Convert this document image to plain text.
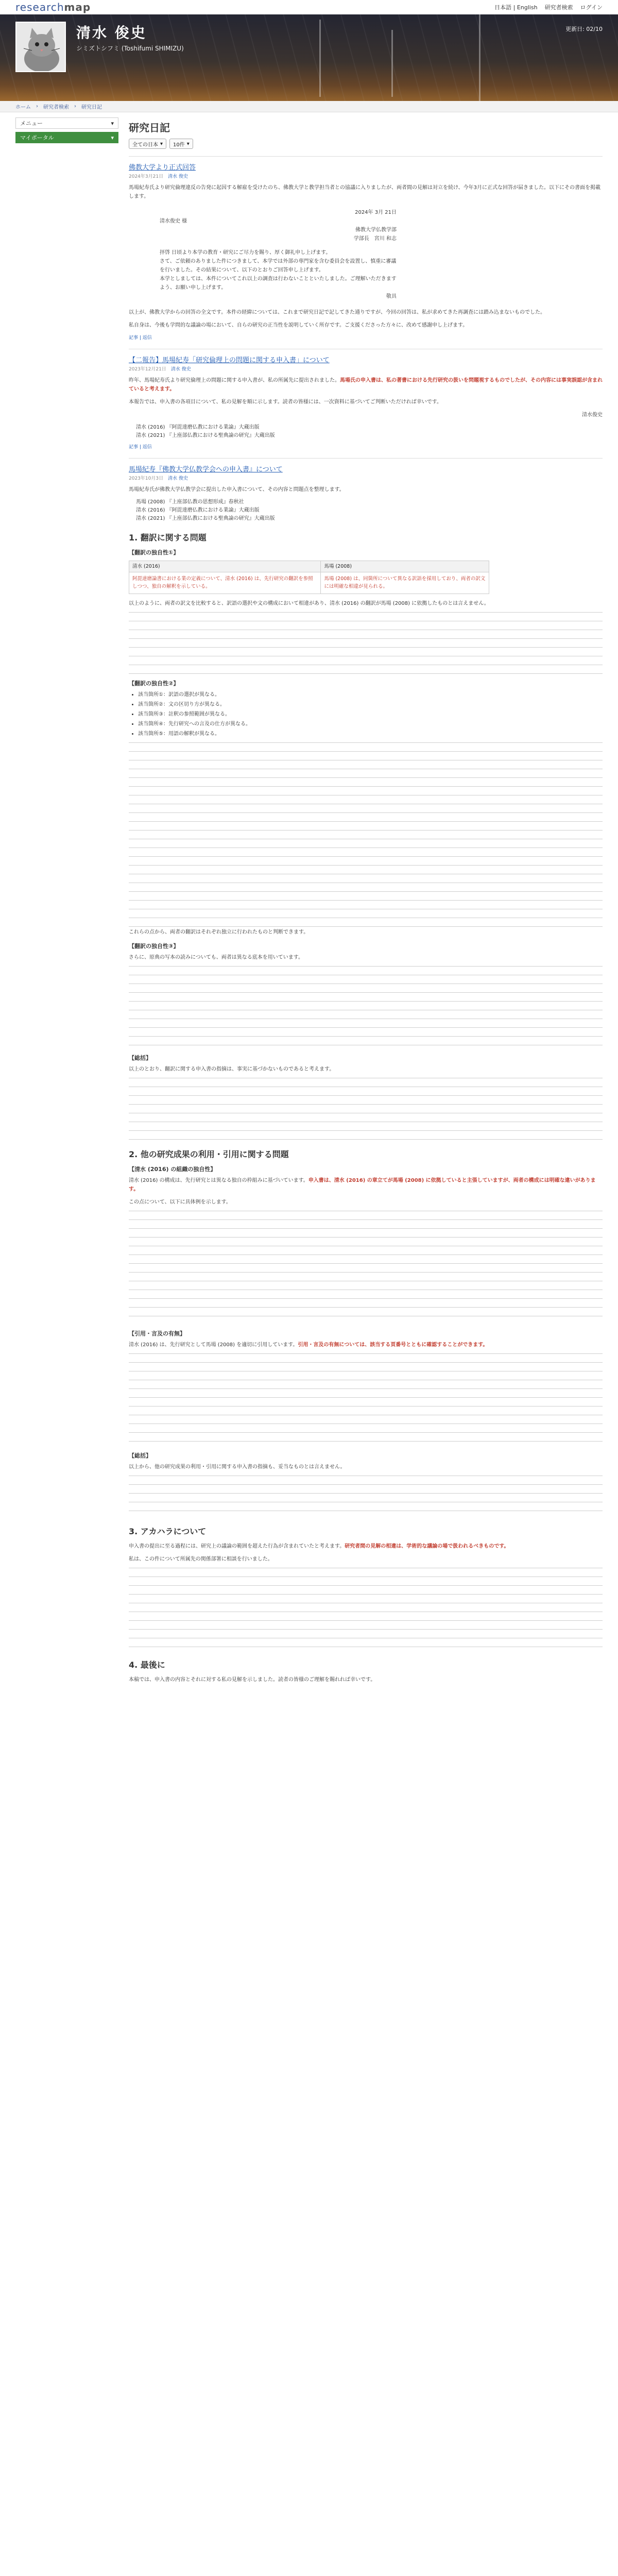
researchmap	日本語 | English 研究者検索 ログイン
清水 俊史
シミズトシフミ (Toshifumi SHIMIZU)
更新日: 02/10
ホーム › 研究者検索 › 研究日記
メニュー	▾
マイポータル	▾
研究日記
全ての日本 ▾ 10件 ▾
佛教大学より正式回答
2024年3月21日　 清水 俊史

馬場紀寿氏より研究倫理違反の告発に起因する解雇を受けたのち、佛教大学と教学担当者との協議に入りましたが、両者間の見解は対立を続け、今年3月に正式な回答が届きました。以下にその書面を掲載します。

2024年 3月 21日

清水俊史 様

佛教大学仏教学部

学部長　宮川 和志

拝啓 日頃より本学の教育・研究にご尽力を賜り、厚く御礼申し上げます。

さて、ご依頼のありました件につきまして、本学では外部の専門家を含む委員会を設置し、慎重に審議を行いました。その結果について、以下のとおりご回答申し上げます。

本学としましては、本件についてこれ以上の調査は行わないことといたしました。ご理解いただきますよう、お願い申し上げます。

敬具

以上が、佛教大学からの回答の全文です。本件の経緯については、これまで研究日記で記してきた通りですが、今回の回答は、私が求めてきた再調査には踏み込まないものでした。

私自身は、今後も学問的な議論の場において、自らの研究の正当性を説明していく所存です。ご支援くださった方々に、改めて感謝申し上げます。

記事 | 返信
【二報告】馬場紀寿「研究倫理上の問題に関する申入書」について
2023年12月21日　 清水 俊史

昨年、馬場紀寿氏より研究倫理上の問題に関する申入書が、私の所属先に提出されました。馬場氏の申入書は、私の著書における先行研究の扱いを問題視するものでしたが、その内容には事実誤認が含まれていると考えます。

本報告では、申入書の各項目について、私の見解を順に示します。読者の皆様には、一次資料に基づいてご判断いただければ幸いです。

清水俊史

清水 (2016) 『阿毘達磨仏教における業論』大蔵出版
清水 (2021) 『上座部仏教における聖典論の研究』大蔵出版
記事 | 返信
馬場紀寿『佛教大学仏教学会への申入書』について
2023年10月3日　 清水 俊史

馬場紀寿氏が佛教大学仏教学会に提出した申入書について、その内容と問題点を整理します。

馬場 (2008) 『上座部仏教の思想形成』春秋社
清水 (2016) 『阿毘達磨仏教における業論』大蔵出版
清水 (2021) 『上座部仏教における聖典論の研究』大蔵出版
1. 翻訳に関する問題
【翻訳の独自性①】
清水 (2016)	馬場 (2008)
阿毘達磨論書における業の定義について、清水 (2016) は、先行研究の翻訳を参照しつつ、独自の解釈を示している。	馬場 (2008) は、同箇所について異なる訳語を採用しており、両者の訳文には明確な相違が見られる。

以上のように、両者の訳文を比較すると、訳語の選択や文の構成において相違があり、清水 (2016) の翻訳が馬場 (2008) に依拠したものとは言えません。

【翻訳の独自性②】
• 該当箇所①：訳語の選択が異なる。
• 該当箇所②：文の区切り方が異なる。
• 該当箇所③：註釈の参照範囲が異なる。
• 該当箇所④：先行研究への言及の仕方が異なる。
• 該当箇所⑤：用語の解釈が異なる。

これらの点から、両者の翻訳はそれぞれ独立に行われたものと判断できます。

【翻訳の独自性③】

さらに、原典の写本の読みについても、両者は異なる底本を用いています。

【総括】

以上のとおり、翻訳に関する申入書の指摘は、事実に基づかないものであると考えます。

2. 他の研究成果の利用・引用に関する問題
【清水 (2016) の組織の独自性】

清水 (2016) の構成は、先行研究とは異なる独自の枠組みに基づいています。申入書は、清水 (2016) の章立てが馬場 (2008) に依拠していると主張していますが、両者の構成には明確な違いがあります。

この点について、以下に具体例を示します。

【引用・言及の有無】

清水 (2016) は、先行研究として馬場 (2008) を適切に引用しています。引用・言及の有無については、該当する頁番号とともに確認することができます。

【総括】

以上から、他の研究成果の利用・引用に関する申入書の指摘も、妥当なものとは言えません。

3. アカハラについて

申入書の提出に至る過程には、研究上の議論の範囲を超えた行為が含まれていたと考えます。研究者間の見解の相違は、学術的な議論の場で扱われるべきものです。

私は、この件について所属先の関係部署に相談を行いました。

4. 最後に

本稿では、申入書の内容とそれに対する私の見解を示しました。読者の皆様のご理解を賜れれば幸いです。
